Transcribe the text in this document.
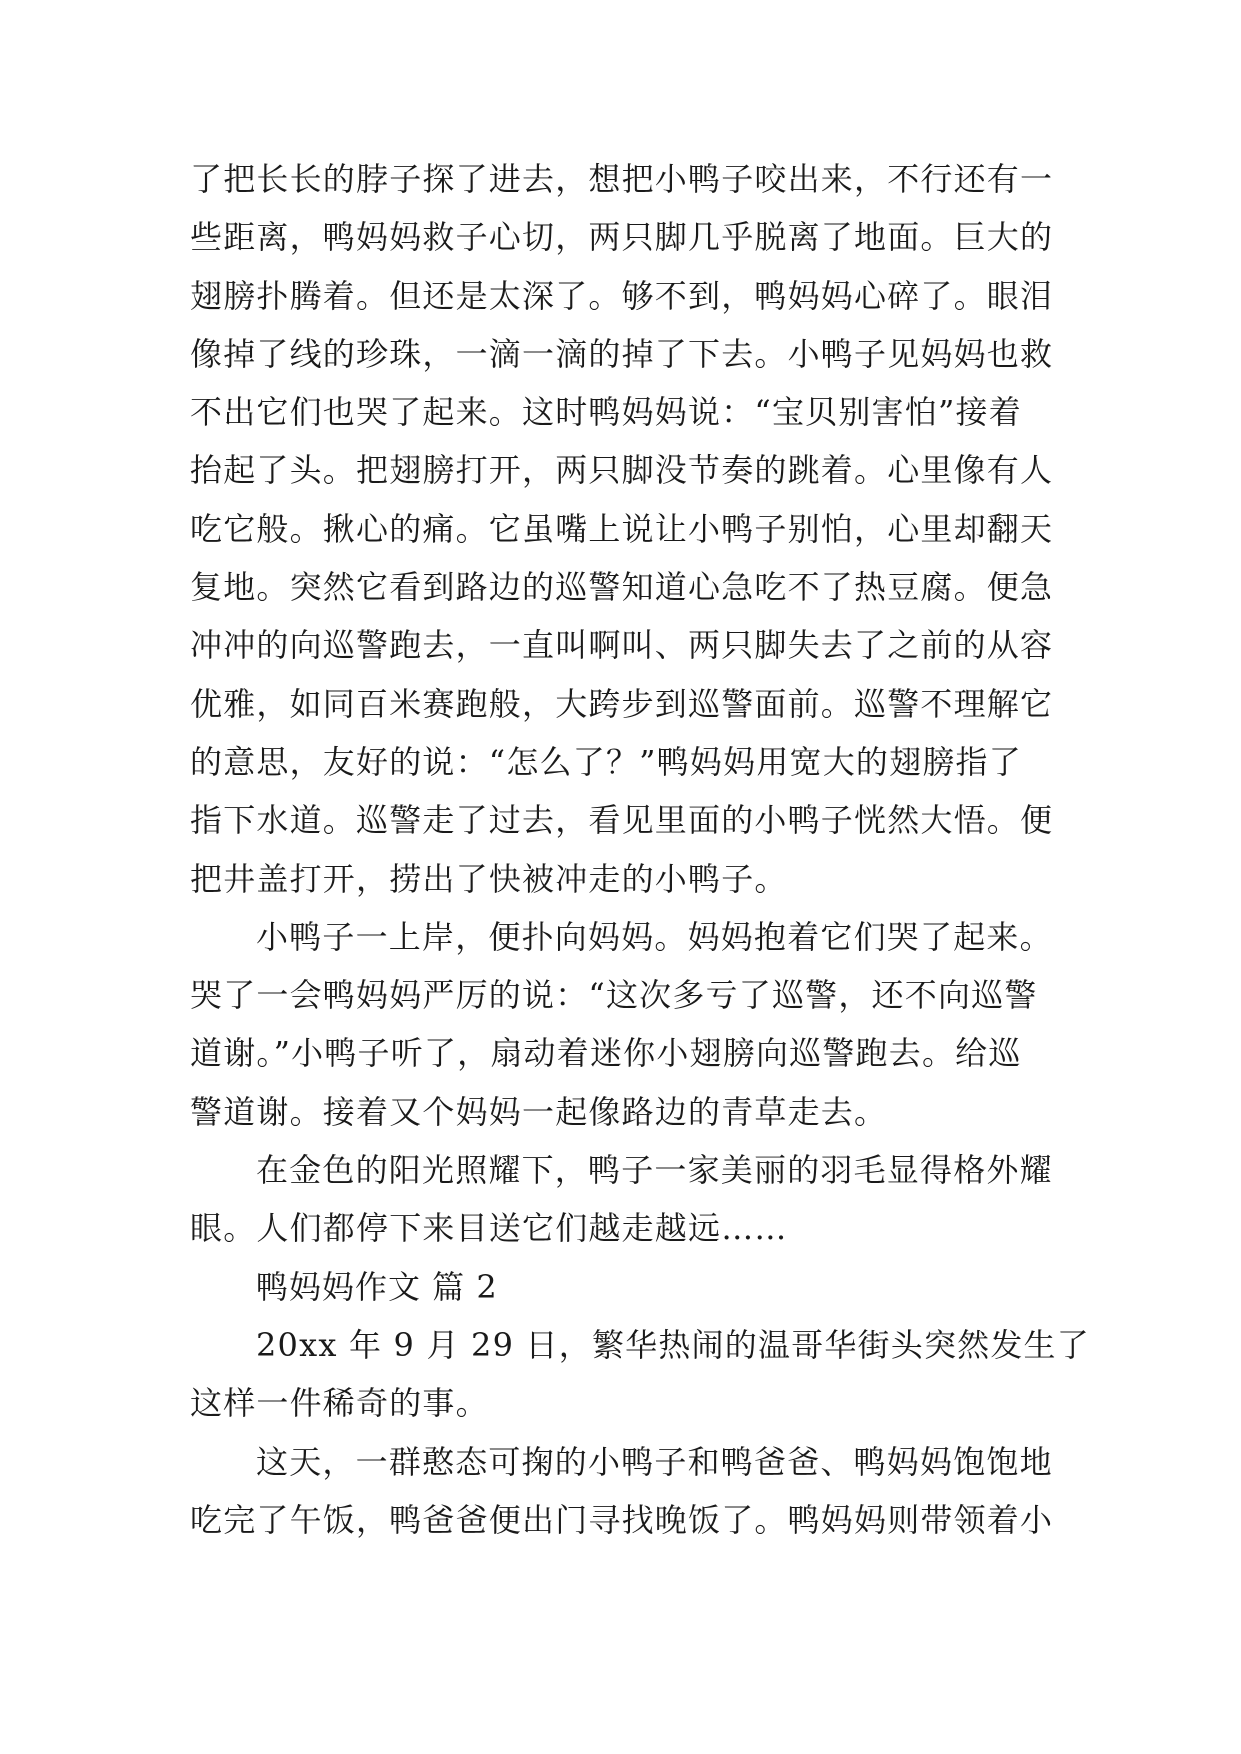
了把长长的脖子探了进去，想把小鸭子咬出来，不行还有一
些距离，鸭妈妈救子心切，两只脚几乎脱离了地面。巨大的
翅膀扑腾着。但还是太深了。够不到，鸭妈妈心碎了。眼泪
像掉了线的珍珠，一滴一滴的掉了下去。小鸭子见妈妈也救
不出它们也哭了起来。这时鸭妈妈说：“宝贝别害怕”接着
抬起了头。把翅膀打开，两只脚没节奏的跳着。心里像有人
吃它般。揪心的痛。它虽嘴上说让小鸭子别怕，心里却翻天
复地。突然它看到路边的巡警知道心急吃不了热豆腐。便急
冲冲的向巡警跑去，一直叫啊叫、两只脚失去了之前的从容
优雅，如同百米赛跑般，大跨步到巡警面前。巡警不理解它
的意思，友好的说：“怎么了？”鸭妈妈用宽大的翅膀指了
指下水道。巡警走了过去，看见里面的小鸭子恍然大悟。便
把井盖打开，捞出了快被冲走的小鸭子。
小鸭子一上岸，便扑向妈妈。妈妈抱着它们哭了起来。
哭了一会鸭妈妈严厉的说：“这次多亏了巡警，还不向巡警
道谢。”小鸭子听了，扇动着迷你小翅膀向巡警跑去。给巡
警道谢。接着又个妈妈一起像路边的青草走去。
在金色的阳光照耀下，鸭子一家美丽的羽毛显得格外耀
眼。人们都停下来目送它们越走越远……
鸭妈妈作文 篇 2
20xx 年 9 月 29 日，繁华热闹的温哥华街头突然发生了
这样一件稀奇的事。
这天，一群憨态可掬的小鸭子和鸭爸爸、鸭妈妈饱饱地
吃完了午饭，鸭爸爸便出门寻找晚饭了。鸭妈妈则带领着小
